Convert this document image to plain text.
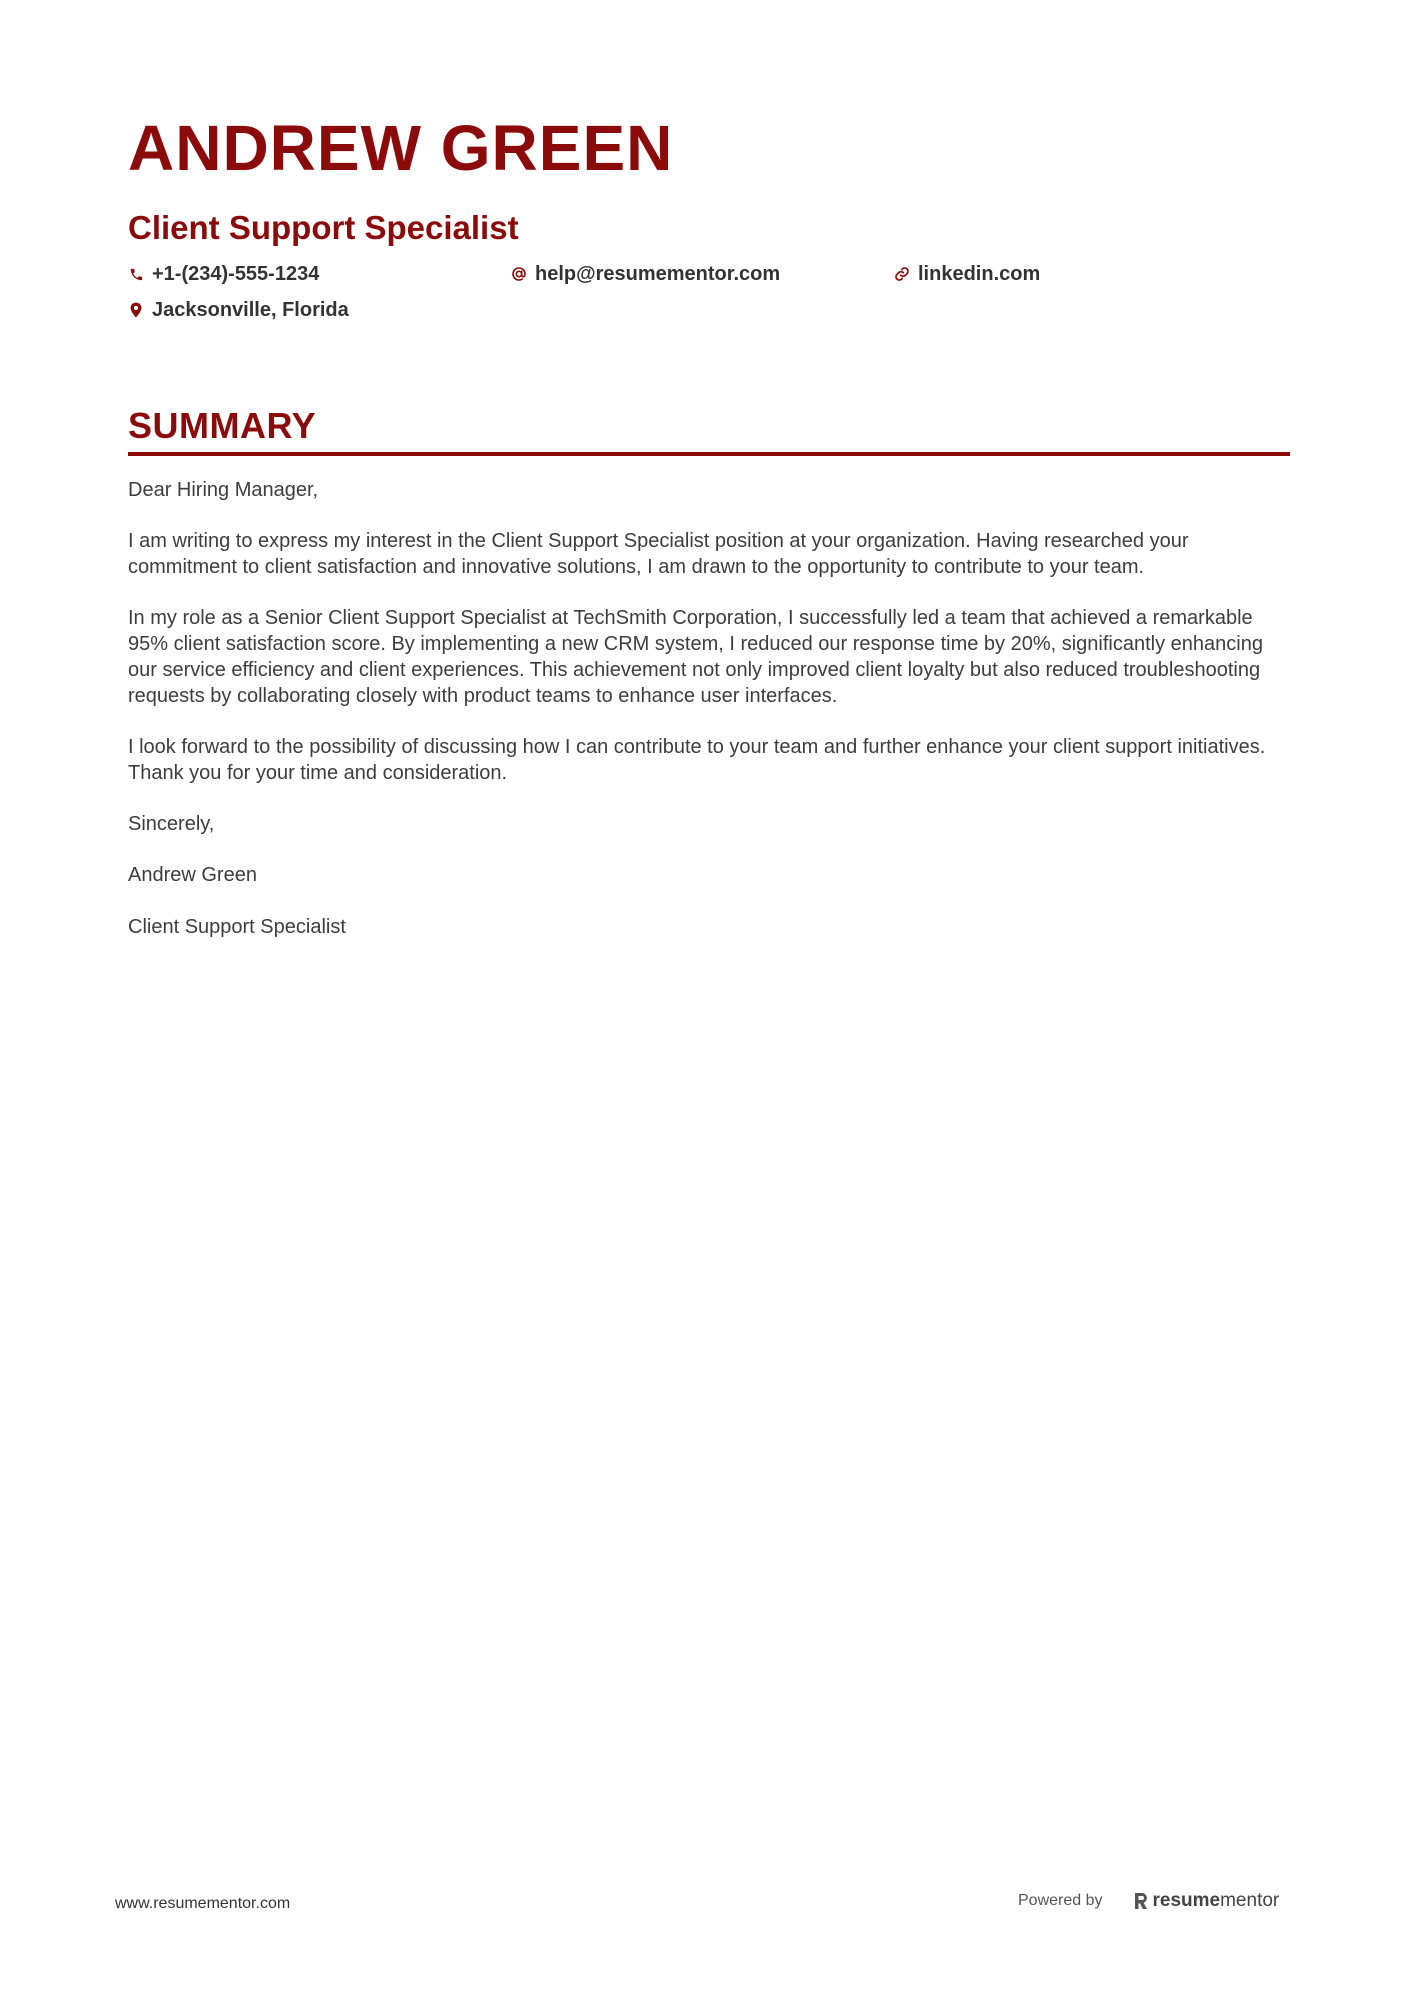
ANDREW GREEN
Client Support Specialist
+1-(234)-555-1234	help@resumementor.com	linkedin.com
Jacksonville, Florida
SUMMARY

Dear Hiring Manager,

I am writing to express my interest in the Client Support Specialist position at your organization. Having researched your commitment to client satisfaction and innovative solutions, I am drawn to the opportunity to contribute to your team.

In my role as a Senior Client Support Specialist at TechSmith Corporation, I successfully led a team that achieved a remarkable 95% client satisfaction score. By implementing a new CRM system, I reduced our response time by 20%, significantly enhancing our service efficiency and client experiences. This achievement not only improved client loyalty but also reduced troubleshooting requests by collaborating closely with product teams to enhance user interfaces.

I look forward to the possibility of discussing how I can contribute to your team and further enhance your client support initiatives. Thank you for your time and consideration.

Sincerely,

Andrew Green

Client Support Specialist

www.resumementor.com	Powered by	resume mentor
